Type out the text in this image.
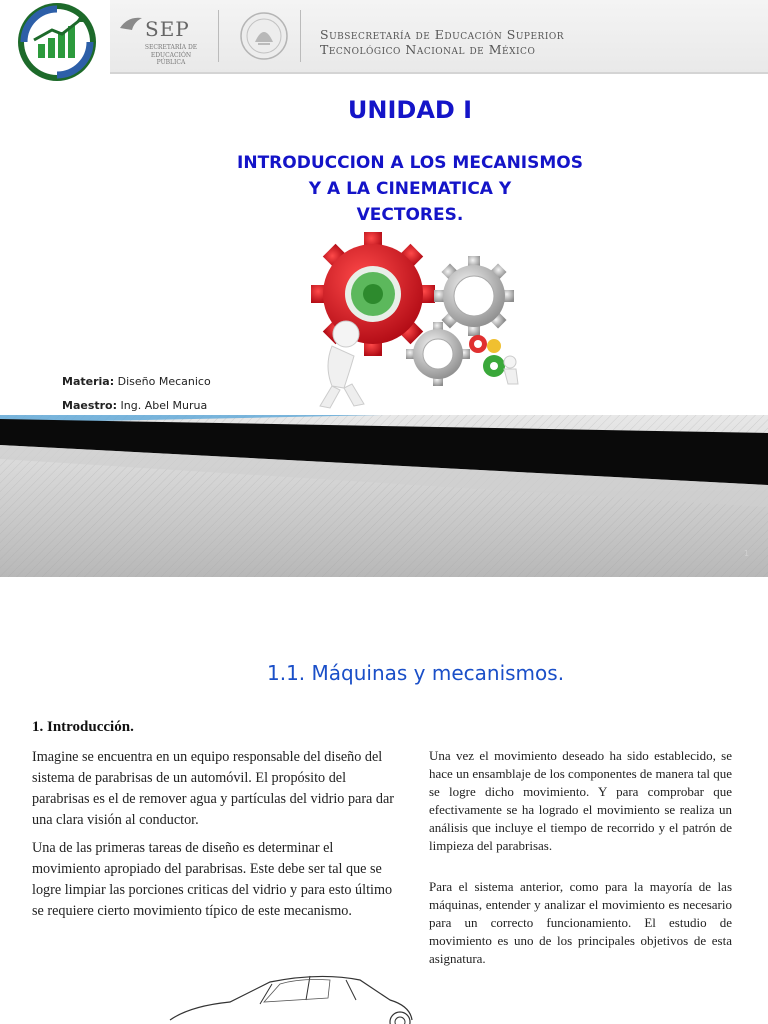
SEP
SECRETARÍA DE
EDUCACIÓN PÚBLICA
Subsecretaría de Educación Superior
Tecnológico Nacional de México
UNIDAD I
INTRODUCCION A LOS MECANISMOS
Y A LA CINEMATICA Y
VECTORES.
Materia: Diseño Mecanico
Maestro: Ing. Abel Murua
1
1.1. Máquinas y mecanismos.
1. Introducción.
Imagine se encuentra en un equipo responsable del diseño del sistema de parabrisas de un automóvil. El propósito del parabrisas es el de remover agua y partículas del vidrio para dar una clara visión al conductor.
Una de las primeras tareas de diseño es determinar el movimiento apropiado del parabrisas. Este debe ser tal que se logre limpiar las porciones criticas del vidrio y para esto último se requiere cierto movimiento típico de este mecanismo.
Una vez el movimiento deseado ha sido establecido, se hace un ensamblaje de los componentes de manera tal que se logre dicho movimiento. Y para comprobar que efectivamente se ha logrado el movimiento se realiza un análisis que incluye el tiempo de recorrido y el patrón de limpieza del parabrisas.
Para el sistema anterior, como para la mayoría de las máquinas, entender y analizar el movimiento es necesario para un correcto funcionamiento. El estudio de movimiento es uno de los principales objetivos de esta asignatura.
